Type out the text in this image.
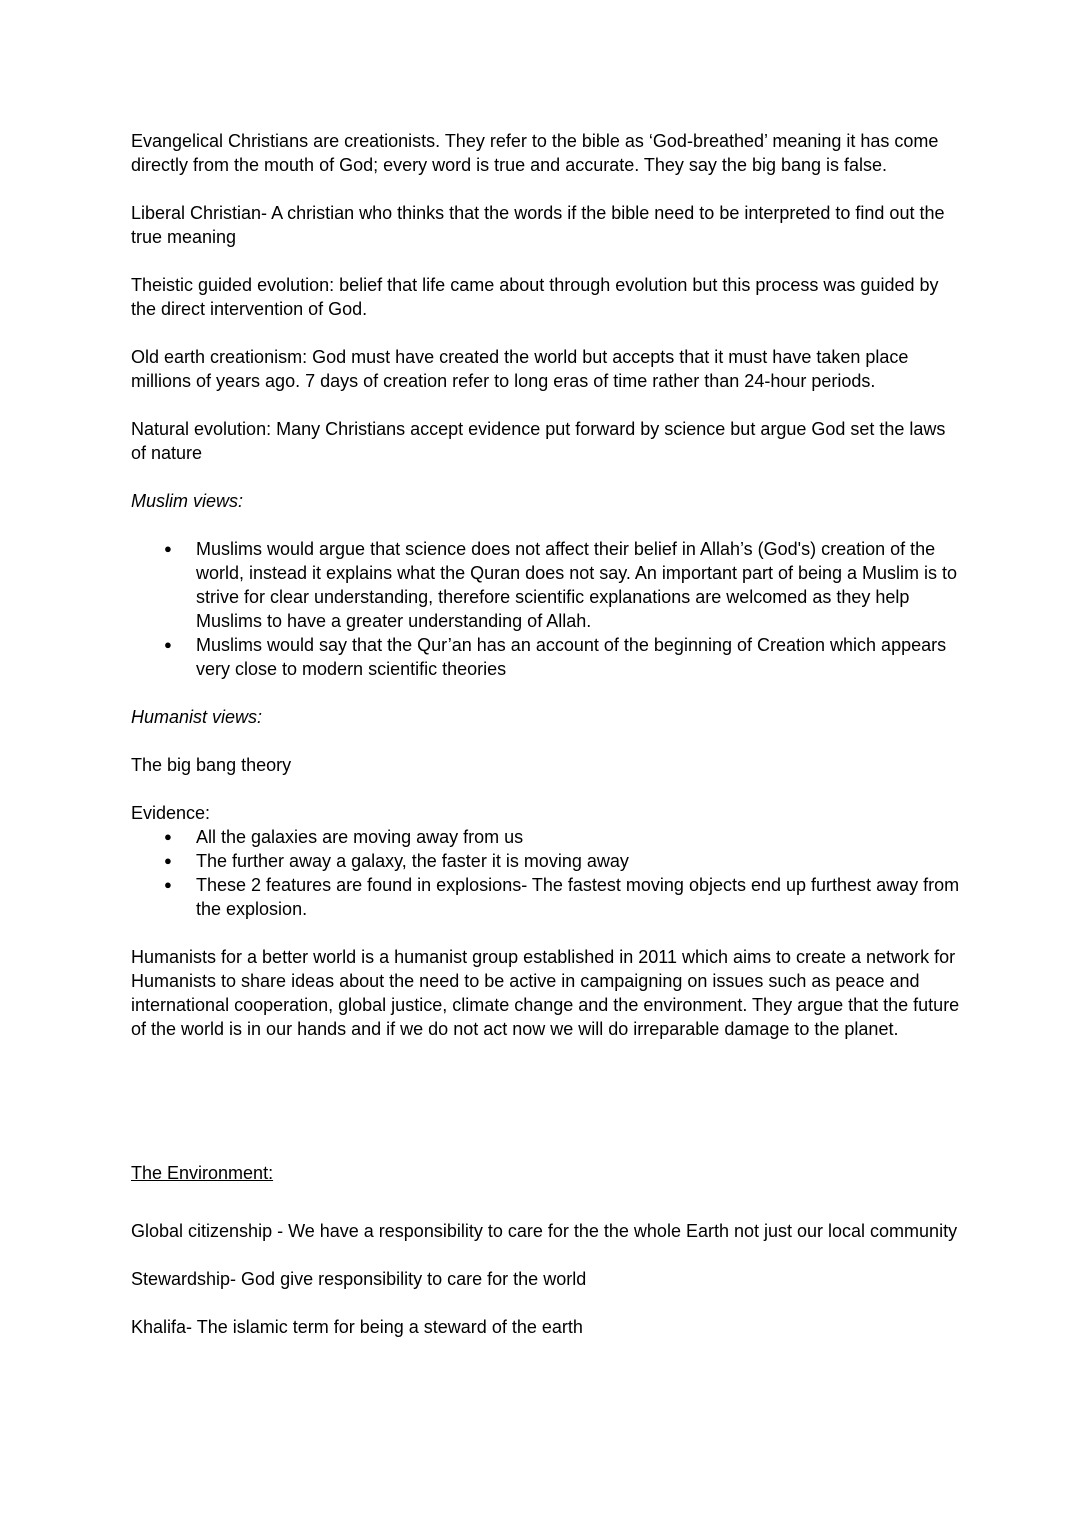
Evangelical Christians are creationists. They refer to the bible as ‘God-breathed’ meaning it has come directly from the mouth of God; every word is true and accurate. They say the big bang is false.

Liberal Christian- A christian who thinks that the words if the bible need to be interpreted to find out the true meaning

Theistic guided evolution: belief that life came about through evolution but this process was guided by the direct intervention of God.

Old earth creationism: God must have created the world but accepts that it must have taken place millions of years ago. 7 days of creation refer to long eras of time rather than 24-hour periods.

Natural evolution: Many Christians accept evidence put forward by science but argue God set the laws of nature

Muslim views:

● Muslims would argue that science does not affect their belief in Allah’s (God's) creation of the world, instead it explains what the Quran does not say. An important part of being a Muslim is to strive for clear understanding, therefore scientific explanations are welcomed as they help Muslims to have a greater understanding of Allah.
● Muslims would say that the Qur’an has an account of the beginning of Creation which appears very close to modern scientific theories

Humanist views:

The big bang theory

Evidence:

● All the galaxies are moving away from us
● The further away a galaxy, the faster it is moving away
● These 2 features are found in explosions- The fastest moving objects end up furthest away from the explosion.

Humanists for a better world is a humanist group established in 2011 which aims to create a network for Humanists to share ideas about the need to be active in campaigning on issues such as peace and international cooperation, global justice, climate change and the environment. They argue that the future of the world is in our hands and if we do not act now we will do irreparable damage to the planet.

The Environment:

Global citizenship - We have a responsibility to care for the the whole Earth not just our local community

Stewardship- God give responsibility to care for the world

Khalifa- The islamic term for being a steward of the earth
